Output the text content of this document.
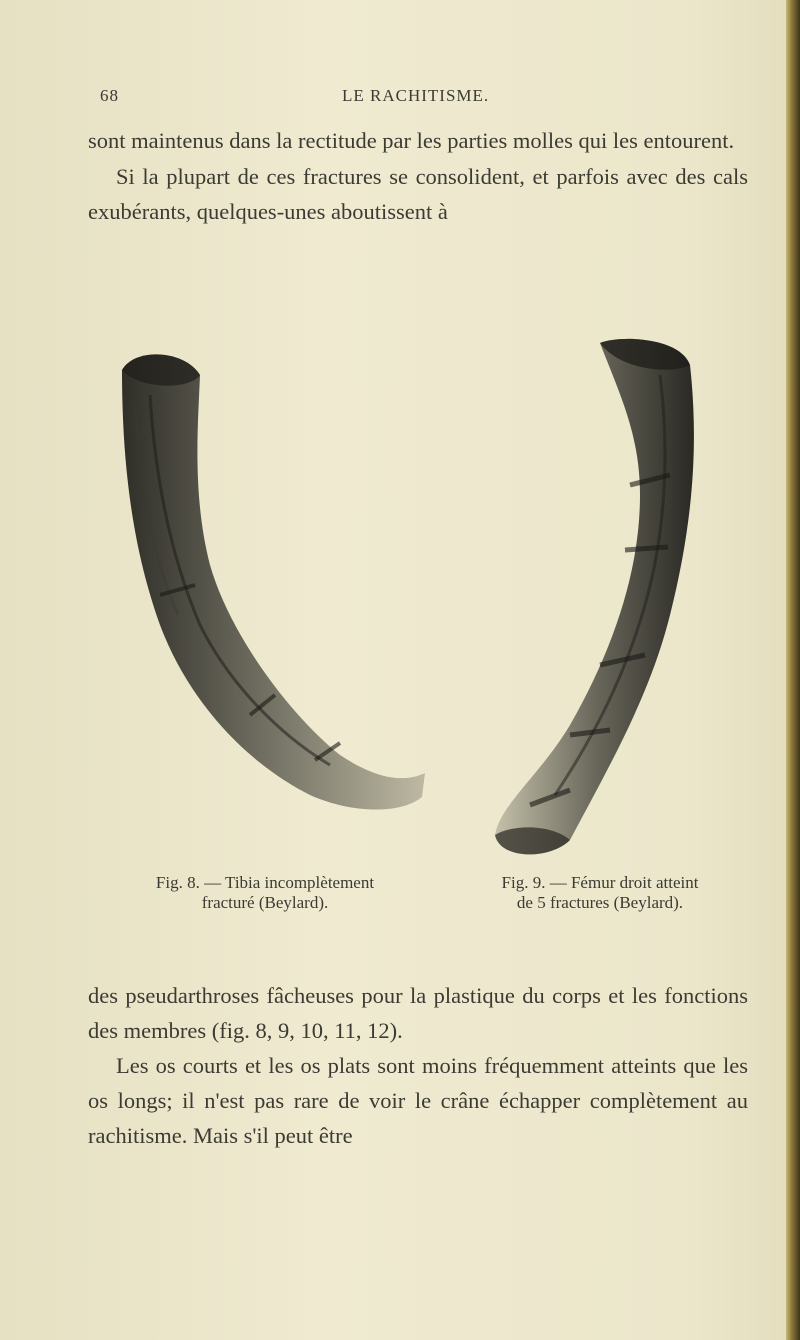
68	LE RACHITISME.

sont maintenus dans la rectitude par les parties molles qui les entourent.

Si la plupart de ces fractures se consolident, et parfois avec des cals exubérants, quelques-unes aboutissent à

Fig. 8. — Tibia incomplètement
fracturé (Beylard).
Fig. 9. — Fémur droit atteint
de 5 fractures (Beylard).

des pseudarthroses fâcheuses pour la plastique du corps et les fonctions des membres (fig. 8, 9, 10, 11, 12).

Les os courts et les os plats sont moins fréquemment atteints que les os longs; il n'est pas rare de voir le crâne échapper complètement au rachitisme. Mais s'il peut être
